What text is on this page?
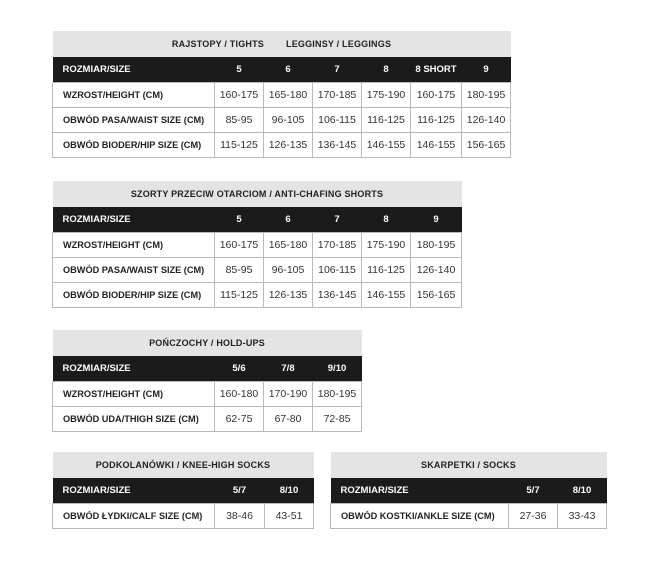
RAJSTOPY / TIGHTS LEGGINSY / LEGGINGS						
ROZMIAR/SIZE	5	6	7	8	8 SHORT	9
WZROST/HEIGHT (CM)	160-175	165-180	170-185	175-190	160-175	180-195
OBWÓD PASA/WAIST SIZE (CM)	85-95	96-105	106-115	116-125	116-125	126-140
OBWÓD BIODER/HIP SIZE (CM)	115-125	126-135	136-145	146-155	146-155	156-165
SZORTY PRZECIW OTARCIOM / ANTI-CHAFING SHORTS					
ROZMIAR/SIZE	5	6	7	8	9
WZROST/HEIGHT (CM)	160-175	165-180	170-185	175-190	180-195
OBWÓD PASA/WAIST SIZE (CM)	85-95	96-105	106-115	116-125	126-140
OBWÓD BIODER/HIP SIZE (CM)	115-125	126-135	136-145	146-155	156-165
POŃCZOCHY / HOLD-UPS			
ROZMIAR/SIZE	5/6	7/8	9/10
WZROST/HEIGHT (CM)	160-180	170-190	180-195
OBWÓD UDA/THIGH SIZE (CM)	62-75	67-80	72-85
PODKOLANÓWKI / KNEE-HIGH SOCKS		
ROZMIAR/SIZE	5/7	8/10
OBWÓD ŁYDKI/CALF SIZE (CM)	38-46	43-51
SKARPETKI / SOCKS		
ROZMIAR/SIZE	5/7	8/10
OBWÓD KOSTKI/ANKLE SIZE (CM)	27-36	33-43
